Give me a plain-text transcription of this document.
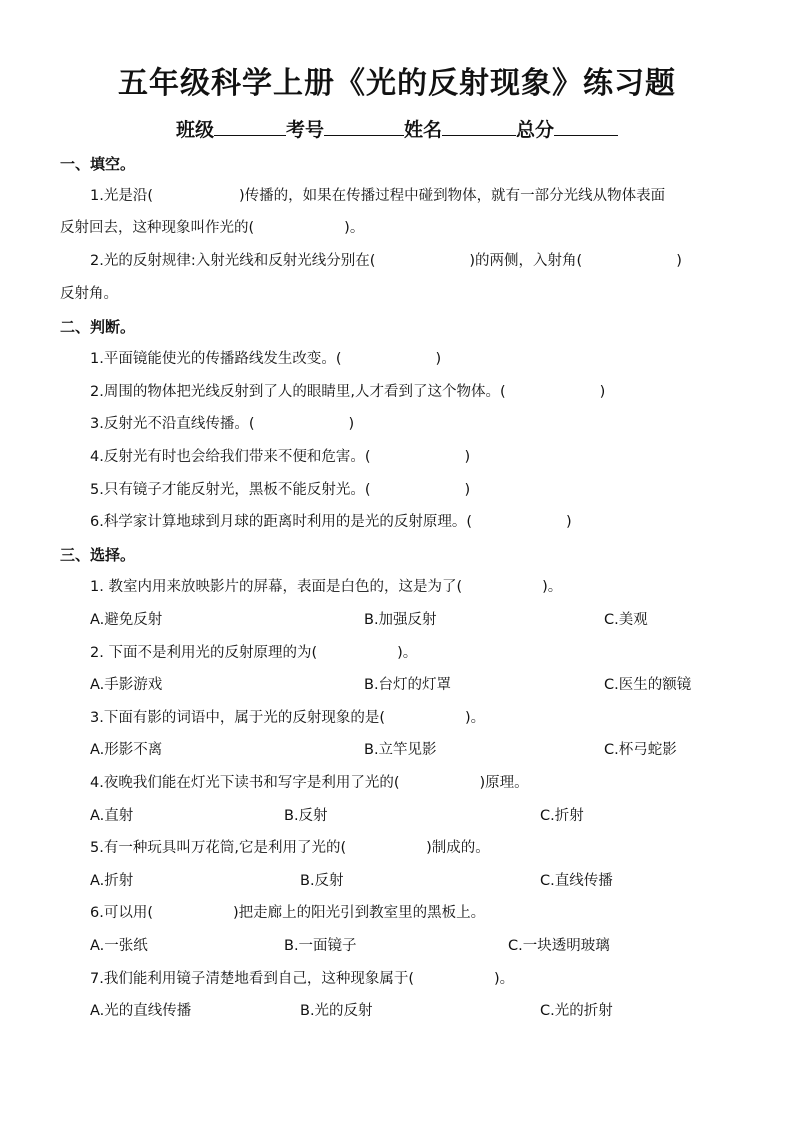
五年级科学上册《光的反射现象》练习题
班级	考号	姓名	总分
一、填空。
1.光是沿(	)传播的，如果在传播过程中碰到物体，就有一部分光线从物体表面
反射回去，这种现象叫作光的(	)。
2.光的反射规律:入射光线和反射光线分别在(	)的两侧，入射角(	)
反射角。
二、判断。
1.平面镜能使光的传播路线发生改变。(	)
2.周围的物体把光线反射到了人的眼睛里,人才看到了这个物体。(	)
3.反射光不沿直线传播。(	)
4.反射光有时也会给我们带来不便和危害。(	)
5.只有镜子才能反射光，黑板不能反射光。(	)
6.科学家计算地球到月球的距离时利用的是光的反射原理。(	)
三、选择。
1. 教室内用来放映影片的屏幕，表面是白色的，这是为了(	)。
A.避免反射	B.加强反射	C.美观
2. 下面不是利用光的反射原理的为(	)。
A.手影游戏	B.台灯的灯罩	C.医生的额镜
3.下面有影的词语中，属于光的反射现象的是(	)。
A.形影不离	B.立竿见影	C.杯弓蛇影
4.夜晚我们能在灯光下读书和写字是利用了光的(	)原理。
A.直射	B.反射	C.折射
5.有一种玩具叫万花筒,它是利用了光的(	)制成的。
A.折射	B.反射	C.直线传播
6.可以用(	)把走廊上的阳光引到教室里的黑板上。
A.一张纸	B.一面镜子	C.一块透明玻璃
7.我们能利用镜子清楚地看到自己，这种现象属于(	)。
A.光的直线传播	B.光的反射	C.光的折射
